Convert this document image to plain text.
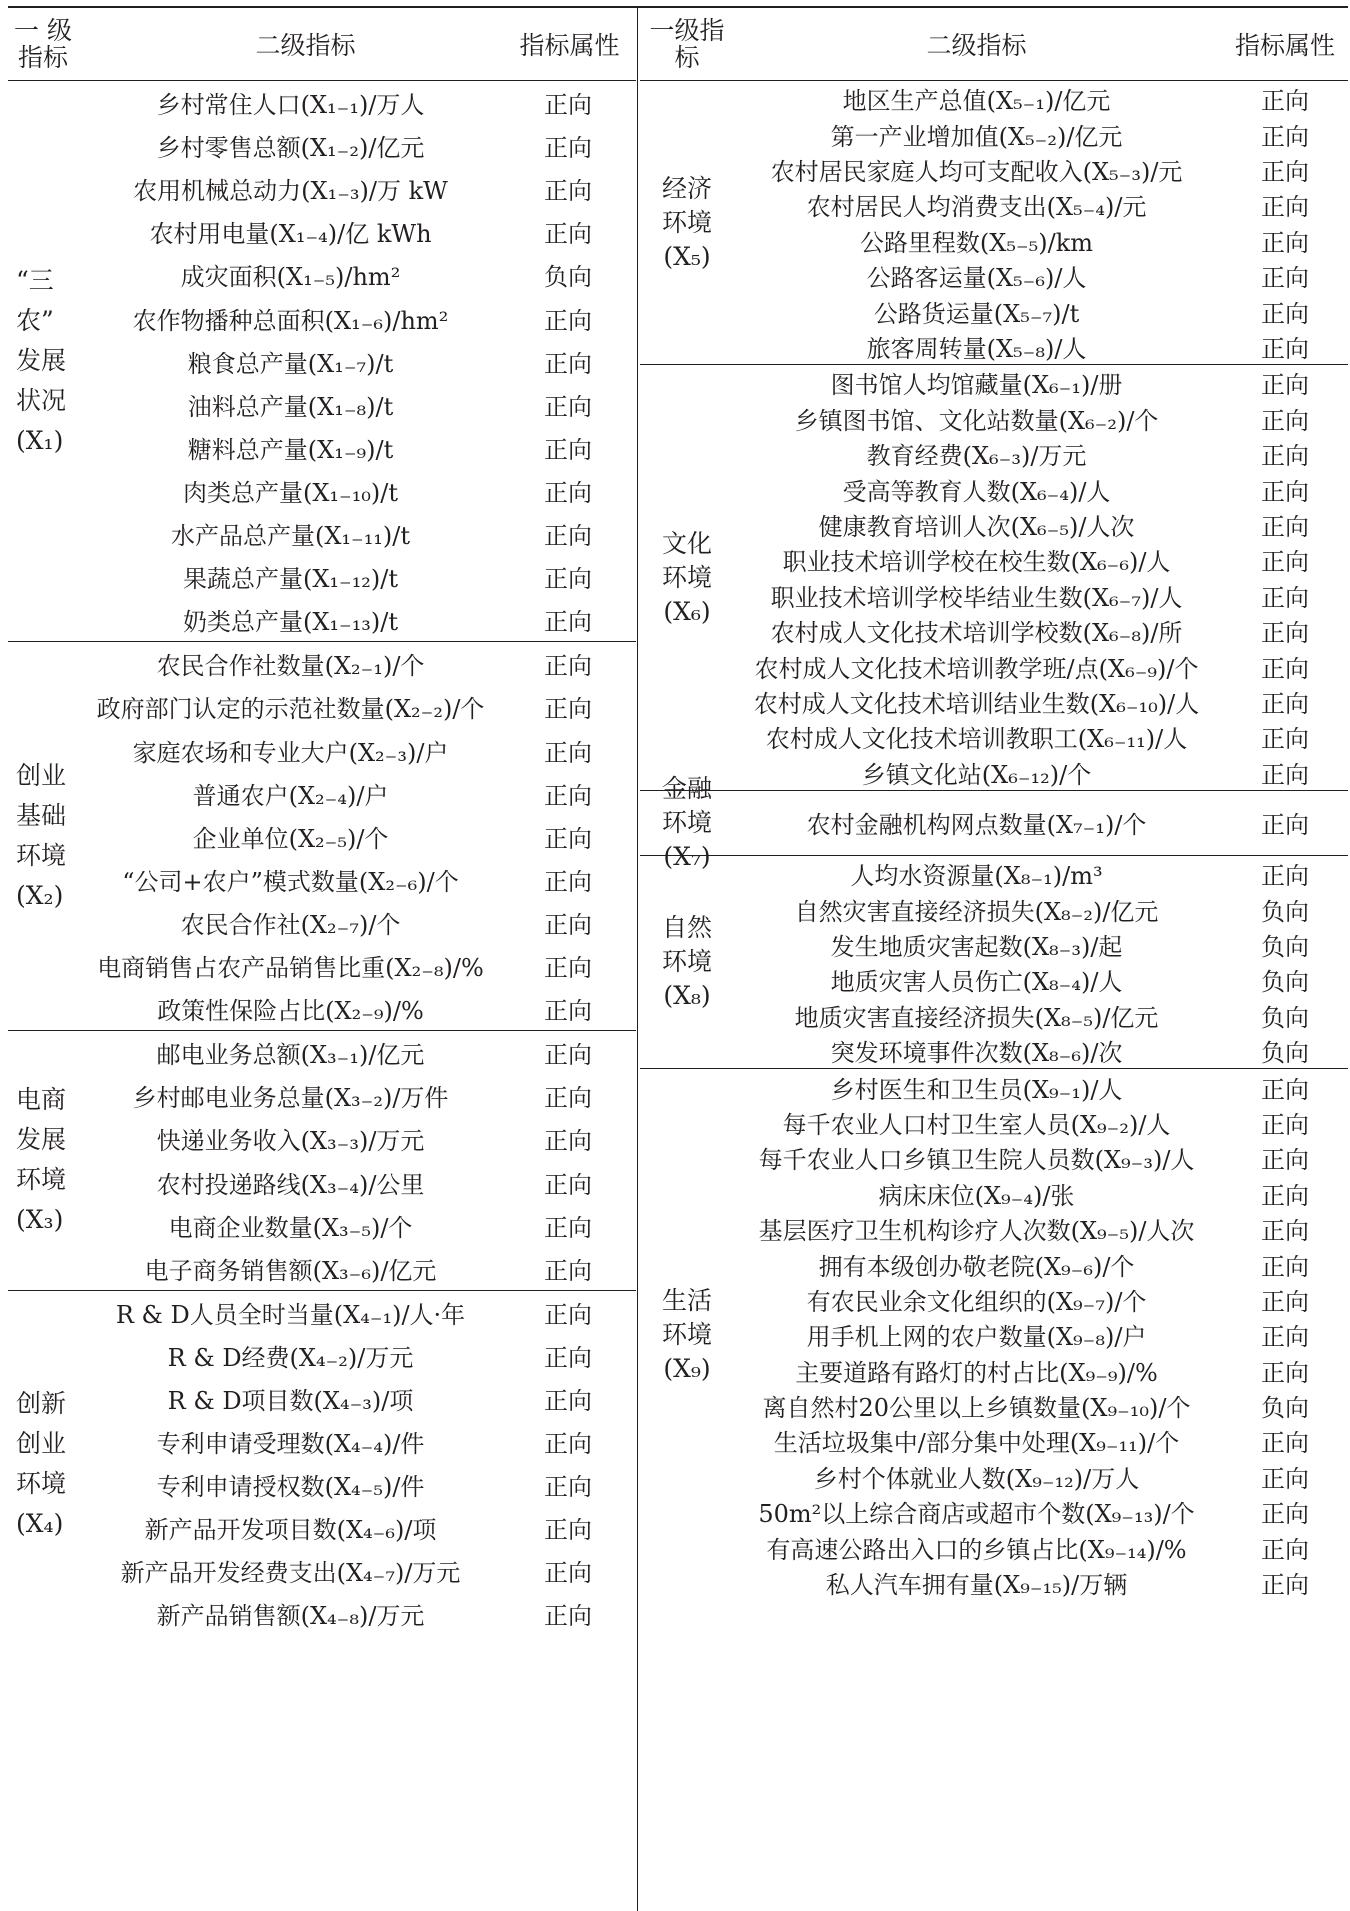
一 级
指标	二级指标	指标属性
“三
农”
发展
状况
(X₁)
乡村常住人口(X₁₋₁)/万人	正向
乡村零售总额(X₁₋₂)/亿元	正向
农用机械总动力(X₁₋₃)/万 kW	正向
农村用电量(X₁₋₄)/亿 kWh	正向
成灾面积(X₁₋₅)/hm²	负向
农作物播种总面积(X₁₋₆)/hm²	正向
粮食总产量(X₁₋₇)/t	正向
油料总产量(X₁₋₈)/t	正向
糖料总产量(X₁₋₉)/t	正向
肉类总产量(X₁₋₁₀)/t	正向
水产品总产量(X₁₋₁₁)/t	正向
果蔬总产量(X₁₋₁₂)/t	正向
奶类总产量(X₁₋₁₃)/t	正向
创业
基础
环境
(X₂)
农民合作社数量(X₂₋₁)/个	正向
政府部门认定的示范社数量(X₂₋₂)/个	正向
家庭农场和专业大户(X₂₋₃)/户	正向
普通农户(X₂₋₄)/户	正向
企业单位(X₂₋₅)/个	正向
“公司+农户”模式数量(X₂₋₆)/个	正向
农民合作社(X₂₋₇)/个	正向
电商销售占农产品销售比重(X₂₋₈)/%	正向
政策性保险占比(X₂₋₉)/%	正向
电商
发展
环境
(X₃)
邮电业务总额(X₃₋₁)/亿元	正向
乡村邮电业务总量(X₃₋₂)/万件	正向
快递业务收入(X₃₋₃)/万元	正向
农村投递路线(X₃₋₄)/公里	正向
电商企业数量(X₃₋₅)/个	正向
电子商务销售额(X₃₋₆)/亿元	正向
创新
创业
环境
(X₄)
R & D人员全时当量(X₄₋₁)/人·年	正向
R & D经费(X₄₋₂)/万元	正向
R & D项目数(X₄₋₃)/项	正向
专利申请受理数(X₄₋₄)/件	正向
专利申请授权数(X₄₋₅)/件	正向
新产品开发项目数(X₄₋₆)/项	正向
新产品开发经费支出(X₄₋₇)/万元	正向
新产品销售额(X₄₋₈)/万元	正向
一级指标	二级指标	指标属性
经济
环境
(X₅)
地区生产总值(X₅₋₁)/亿元	正向
第一产业增加值(X₅₋₂)/亿元	正向
农村居民家庭人均可支配收入(X₅₋₃)/元	正向
农村居民人均消费支出(X₅₋₄)/元	正向
公路里程数(X₅₋₅)/km	正向
公路客运量(X₅₋₆)/人	正向
公路货运量(X₅₋₇)/t	正向
旅客周转量(X₅₋₈)/人	正向
文化
环境
(X₆)
图书馆人均馆藏量(X₆₋₁)/册	正向
乡镇图书馆、文化站数量(X₆₋₂)/个	正向
教育经费(X₆₋₃)/万元	正向
受高等教育人数(X₆₋₄)/人	正向
健康教育培训人次(X₆₋₅)/人次	正向
职业技术培训学校在校生数(X₆₋₆)/人	正向
职业技术培训学校毕结业生数(X₆₋₇)/人	正向
农村成人文化技术培训学校数(X₆₋₈)/所	正向
农村成人文化技术培训教学班/点(X₆₋₉)/个	正向
农村成人文化技术培训结业生数(X₆₋₁₀)/人	正向
农村成人文化技术培训教职工(X₆₋₁₁)/人	正向
乡镇文化站(X₆₋₁₂)/个	正向
金融
环境(X₇)
农村金融机构网点数量(X₇₋₁)/个	正向
自然
环境
(X₈)
人均水资源量(X₈₋₁)/m³	正向
自然灾害直接经济损失(X₈₋₂)/亿元	负向
发生地质灾害起数(X₈₋₃)/起	负向
地质灾害人员伤亡(X₈₋₄)/人	负向
地质灾害直接经济损失(X₈₋₅)/亿元	负向
突发环境事件次数(X₈₋₆)/次	负向
生活
环境
(X₉)
乡村医生和卫生员(X₉₋₁)/人	正向
每千农业人口村卫生室人员(X₉₋₂)/人	正向
每千农业人口乡镇卫生院人员数(X₉₋₃)/人	正向
病床床位(X₉₋₄)/张	正向
基层医疗卫生机构诊疗人次数(X₉₋₅)/人次	正向
拥有本级创办敬老院(X₉₋₆)/个	正向
有农民业余文化组织的(X₉₋₇)/个	正向
用手机上网的农户数量(X₉₋₈)/户	正向
主要道路有路灯的村占比(X₉₋₉)/%	正向
离自然村20公里以上乡镇数量(X₉₋₁₀)/个	负向
生活垃圾集中/部分集中处理(X₉₋₁₁)/个	正向
乡村个体就业人数(X₉₋₁₂)/万人	正向
50m²以上综合商店或超市个数(X₉₋₁₃)/个	正向
有高速公路出入口的乡镇占比(X₉₋₁₄)/%	正向
私人汽车拥有量(X₉₋₁₅)/万辆	正向
